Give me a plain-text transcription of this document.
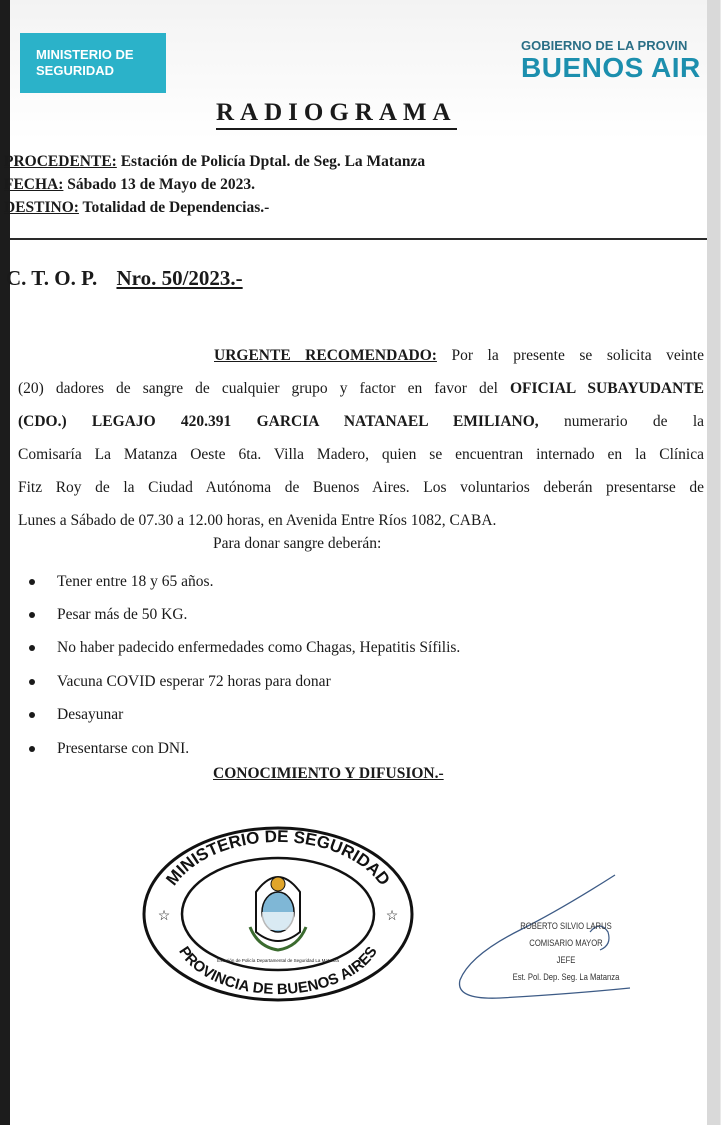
MINISTERIO DE
SEGURIDAD
GOBIERNO DE LA PROVIN
BUENOS AIR
RADIOGRAMA
PROCEDENTE: Estación de Policía Dptal. de Seg. La Matanza
FECHA: Sábado 13 de Mayo de 2023.
DESTINO: Totalidad de Dependencias.-
C. T. O. P. Nro. 50/2023.-
URGENTE RECOMENDADO: Por la presente se solicita veinte
(20) dadores de sangre de cualquier grupo y factor en favor del OFICIAL SUBAYUDANTE
(CDO.) LEGAJO 420.391 GARCIA NATANAEL EMILIANO, numerario de la
Comisaría La Matanza Oeste 6ta. Villa Madero, quien se encuentran internado en la Clínica
Fitz Roy de la Ciudad Autónoma de Buenos Aires. Los voluntarios deberán presentarse de
Lunes a Sábado de 07.30 a 12.00 horas, en Avenida Entre Ríos 1082, CABA.
Para donar sangre deberán:
Tener entre 18 y 65 años.
Pesar más de 50 KG.
No haber padecido enfermedades como Chagas, Hepatitis Sífilis.
Vacuna COVID esperar 72 horas para donar
Desayunar
Presentarse con DNI.
CONOCIMIENTO Y DIFUSION.-
MINISTERIO DE SEGURIDAD
PROVINCIA DE BUENOS AIRES
☆	☆
Estación de Policía Departamental de Seguridad La Matanza
ROBERTO SILVIO LARUS
COMISARIO MAYOR
JEFE
Est. Pol. Dep. Seg. La Matanza
